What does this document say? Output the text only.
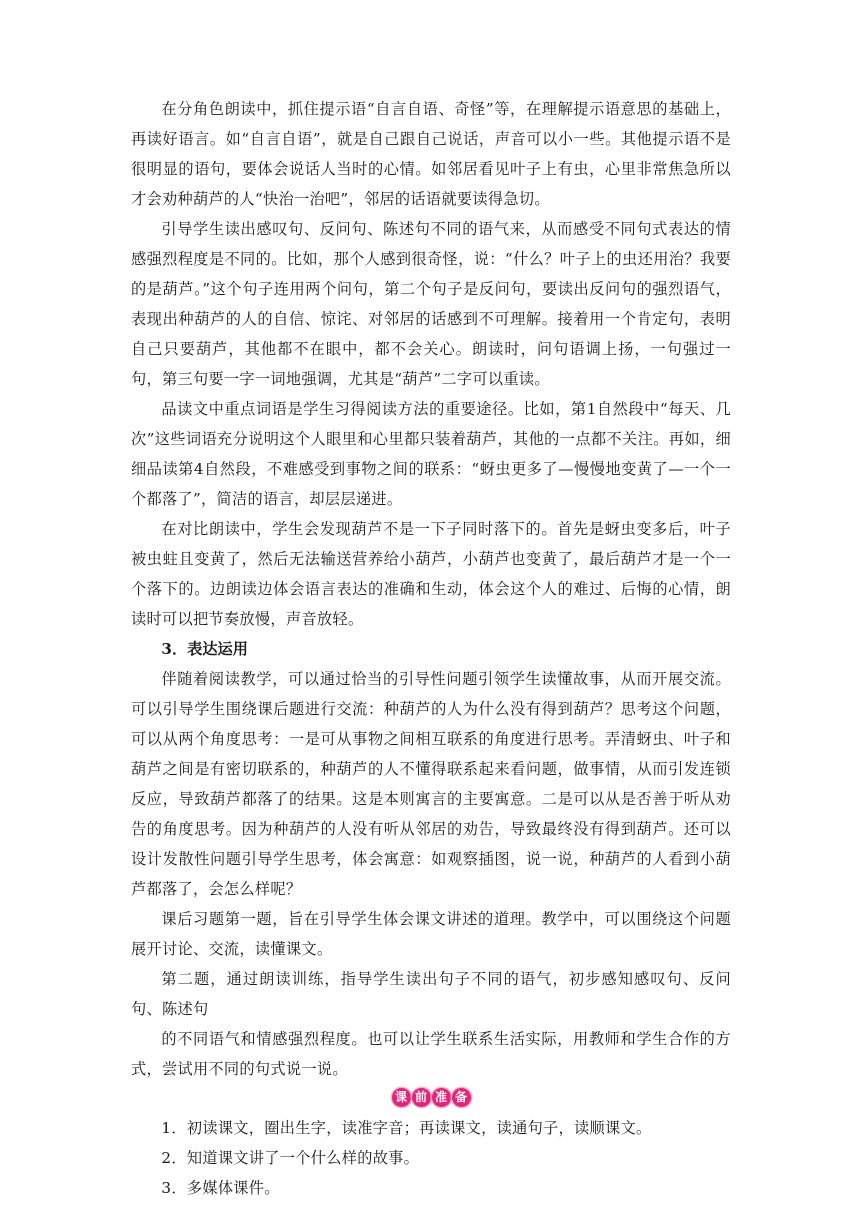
在分角色朗读中，抓住提示语“自言自语、奇怪”等，在理解提示语意思的基础上，再读好语言。如“自言自语”，就是自己跟自己说话，声音可以小一些。其他提示语不是很明显的语句，要体会说话人当时的心情。如邻居看见叶子上有虫，心里非常焦急所以才会劝种葫芦的人“快治一治吧”，邻居的话语就要读得急切。

引导学生读出感叹句、反问句、陈述句不同的语气来，从而感受不同句式表达的情感强烈程度是不同的。比如，那个人感到很奇怪，说：“什么？叶子上的虫还用治？我要的是葫芦。”这个句子连用两个问句，第二个句子是反问句，要读出反问句的强烈语气，表现出种葫芦的人的自信、惊诧、对邻居的话感到不可理解。接着用一个肯定句，表明自己只要葫芦，其他都不在眼中，都不会关心。朗读时，问句语调上扬，一句强过一句，第三句要一字一词地强调，尤其是“葫芦”二字可以重读。

品读文中重点词语是学生习得阅读方法的重要途径。比如，第1自然段中“每天、几次”这些词语充分说明这个人眼里和心里都只装着葫芦，其他的一点都不关注。再如，细细品读第4自然段，不难感受到事物之间的联系：“蚜虫更多了—慢慢地变黄了—一个一个都落了”，简洁的语言，却层层递进。

在对比朗读中，学生会发现葫芦不是一下子同时落下的。首先是蚜虫变多后，叶子被虫蛀且变黄了，然后无法输送营养给小葫芦，小葫芦也变黄了，最后葫芦才是一个一个落下的。边朗读边体会语言表达的准确和生动，体会这个人的难过、后悔的心情，朗读时可以把节奏放慢，声音放轻。

3．表达运用

伴随着阅读教学，可以通过恰当的引导性问题引领学生读懂故事，从而开展交流。可以引导学生围绕课后题进行交流：种葫芦的人为什么没有得到葫芦？思考这个问题，可以从两个角度思考：一是可从事物之间相互联系的角度进行思考。弄清蚜虫、叶子和葫芦之间是有密切联系的，种葫芦的人不懂得联系起来看问题，做事情，从而引发连锁反应，导致葫芦都落了的结果。这是本则寓言的主要寓意。二是可以从是否善于听从劝告的角度思考。因为种葫芦的人没有听从邻居的劝告，导致最终没有得到葫芦。还可以设计发散性问题引导学生思考，体会寓意：如观察插图，说一说，种葫芦的人看到小葫芦都落了，会怎么样呢？

课后习题第一题，旨在引导学生体会课文讲述的道理。教学中，可以围绕这个问题展开讨论、交流，读懂课文。

第二题，通过朗读训练，指导学生读出句子不同的语气，初步感知感叹句、反问句、陈述句

的不同语气和情感强烈程度。也可以让学生联系生活实际，用教师和学生合作的方式，尝试用不同的句式说一说。

课 前 准 备

1．初读课文，圈出生字，读准字音；再读课文，读通句子，读顺课文。

2．知道课文讲了一个什么样的故事。

3．多媒体课件。
